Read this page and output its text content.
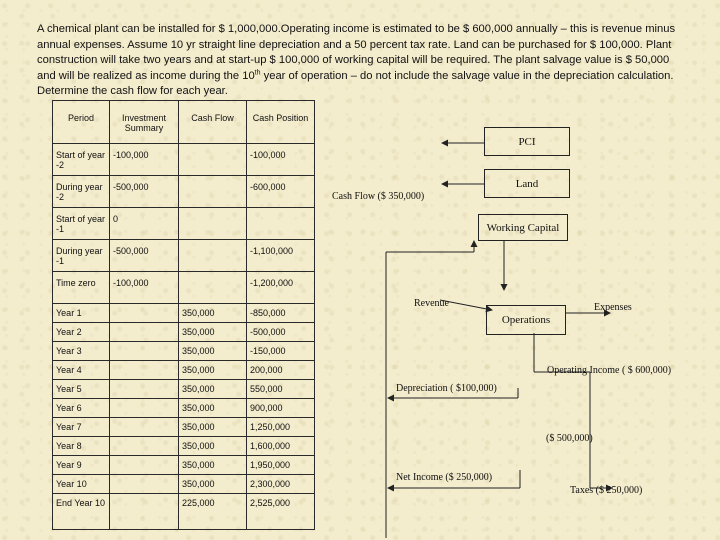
A chemical plant can be installed for $ 1,000,000.Operating income is estimated to be $ 600,000 annually – this is revenue minus annual expenses. Assume 10 yr straight line depreciation and a 50 percent tax rate. Land can be purchased for $ 100,000. Plant construction will take two years and at start-up $ 100,000 of working capital will be required. The plant salvage value is $ 50,000 and will be realized as income during the 10th year of operation – do not include the salvage value in the depreciation calculation. Determine the cash flow for each year.

Period	Investment Summary	Cash Flow	Cash Position
Start of year -2	-100,000		-100,000
During year -2	-500,000		-600,000
Start of year -1	0		
During year -1	-500,000		-1,100,000
Time zero	-100,000		-1,200,000
Year 1		350,000	-850,000
Year 2		350,000	-500,000
Year 3		350,000	-150,000
Year 4		350,000	200,000
Year 5		350,000	550,000
Year 6		350,000	900,000
Year 7		350,000	1,250,000
Year 8		350,000	1,600,000
Year 9		350,000	1,950,000
Year 10		350,000	2,300,000
End Year 10		225,000	2,525,000
PCI
Land
Working Capital
Operations
Cash Flow ($ 350,000)
Revenue	Expenses
Operating Income ( $ 600,000)
Depreciation ( $100,000)
($ 500,000)
Net Income ($ 250,000)
Taxes ($ 250,000)
